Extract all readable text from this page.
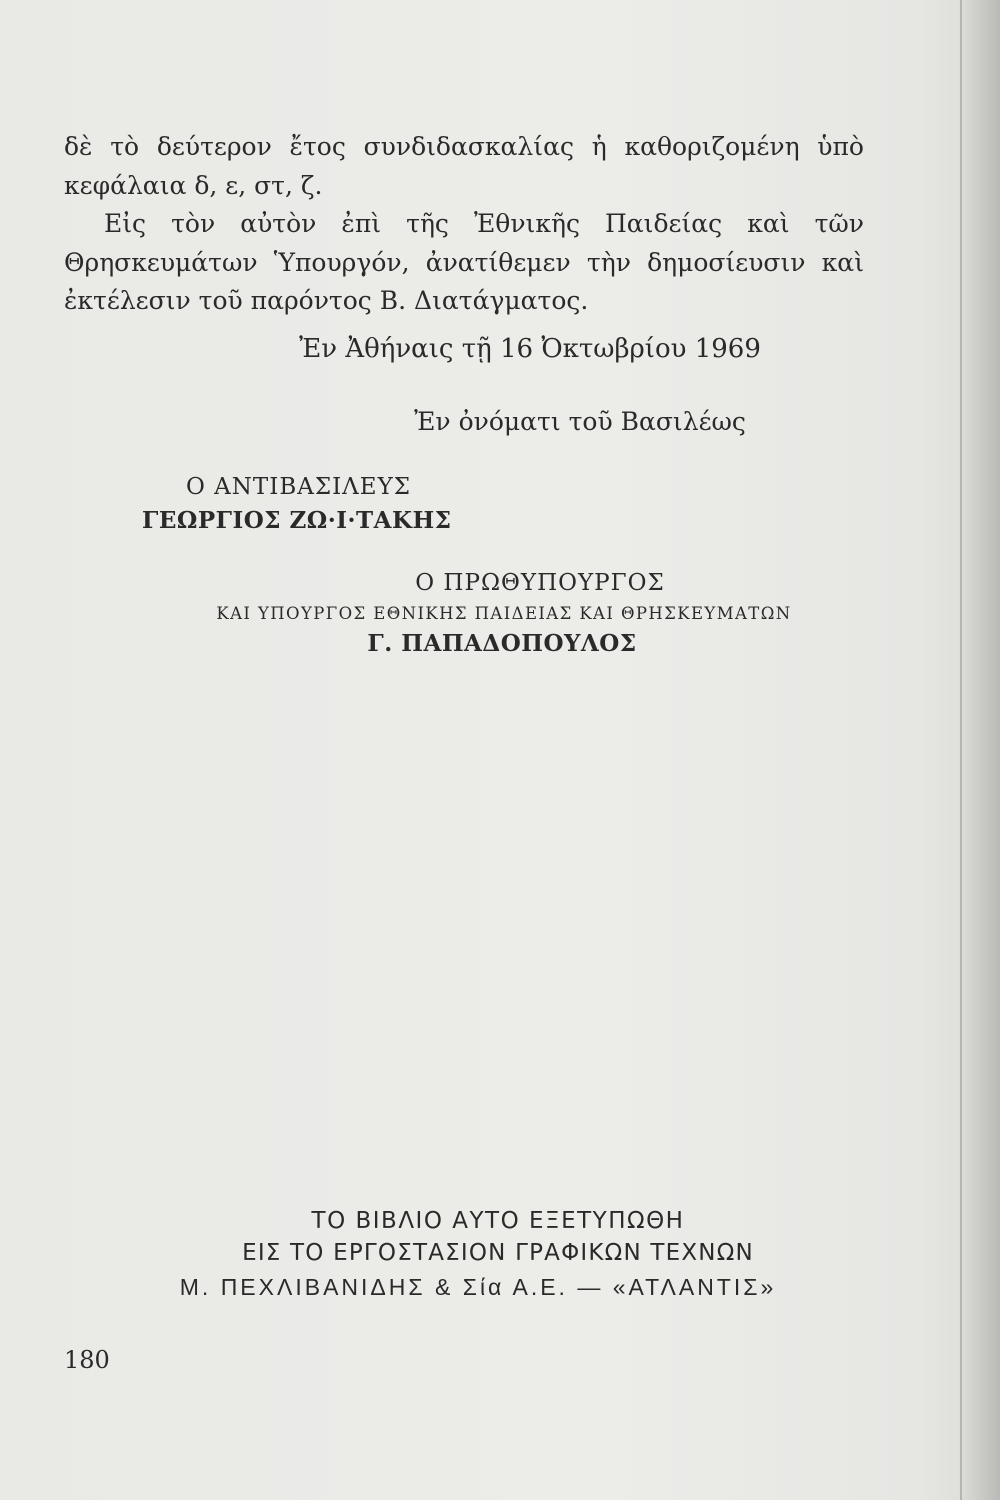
δὲ τὸ δεύτερον ἔτος συνδιδασκαλίας ἡ καθοριζομένη ὑπὸ κεφάλαια δ, ε, στ, ζ.

Εἰς τὸν αὐτὸν ἐπὶ τῆς Ἐθνικῆς Παιδείας καὶ τῶν Θρησκευμάτων Ὑπουργόν, ἀνατίθεμεν τὴν δημοσίευσιν καὶ ἐκτέλεσιν τοῦ παρόντος Β. Διατάγματος.

Ἐν Ἀθήναις τῇ 16 Ὀκτωβρίου 1969
Ἐν ὀνόματι τοῦ Βασιλέως
Ο ΑΝΤΙΒΑΣΙΛΕΥΣ
ΓΕΩΡΓΙΟΣ ΖΩ·Ι·ΤΑΚΗΣ
Ο ΠΡΩΘΥΠΟΥΡΓΟΣ
ΚΑΙ ΥΠΟΥΡΓΟΣ ΕΘΝΙΚΗΣ ΠΑΙΔΕΙΑΣ ΚΑΙ ΘΡΗΣΚΕΥΜΑΤΩΝ
Γ. ΠΑΠΑΔΟΠΟΥΛΟΣ
ΤΟ ΒΙΒΛΙΟ ΑΥΤΟ ΕΞΕΤΥΠΩΘΗ
ΕΙΣ ΤΟ ΕΡΓΟΣΤΑΣΙΟΝ ΓΡΑΦΙΚΩΝ ΤΕΧΝΩΝ
Μ. ΠΕΧΛΙΒΑΝΙΔΗΣ & Σία Α.Ε. — «ΑΤΛΑΝΤΙΣ»
180
